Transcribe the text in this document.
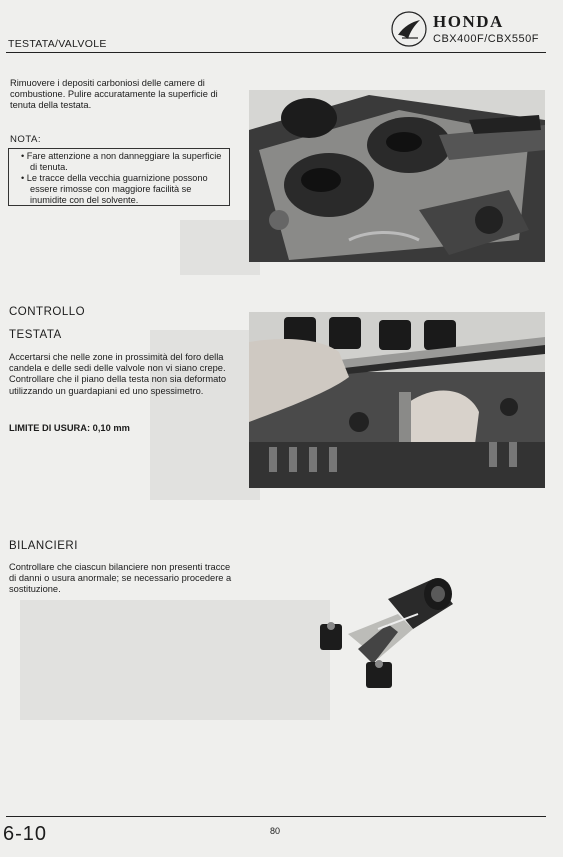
TESTATA/VALVOLE
HONDA
CBX400F/CBX550F
Rimuovere i depositi carboniosi delle camere di combustione. Pulire accuratamente la superficie di tenuta della testata.
NOTA:
• Fare attenzione a non danneggiare la superficie di tenuta.
• Le tracce della vecchia guarnizione possono essere rimosse con maggiore facilità se inumidite con del solvente.
CONTROLLO
TESTATA
Accertarsi che nelle zone in prossimità del foro della candela e delle sedi delle valvole non vi siano crepe. Controllare che il piano della testa non sia deformato utilizzando un guardapiani ed uno spessimetro.
LIMITE DI USURA: 0,10 mm
BILANCIERI
Controllare che ciascun bilanciere non presenti tracce di danni o usura anormale; se necessario procedere a sostituzione.
6-10	80
